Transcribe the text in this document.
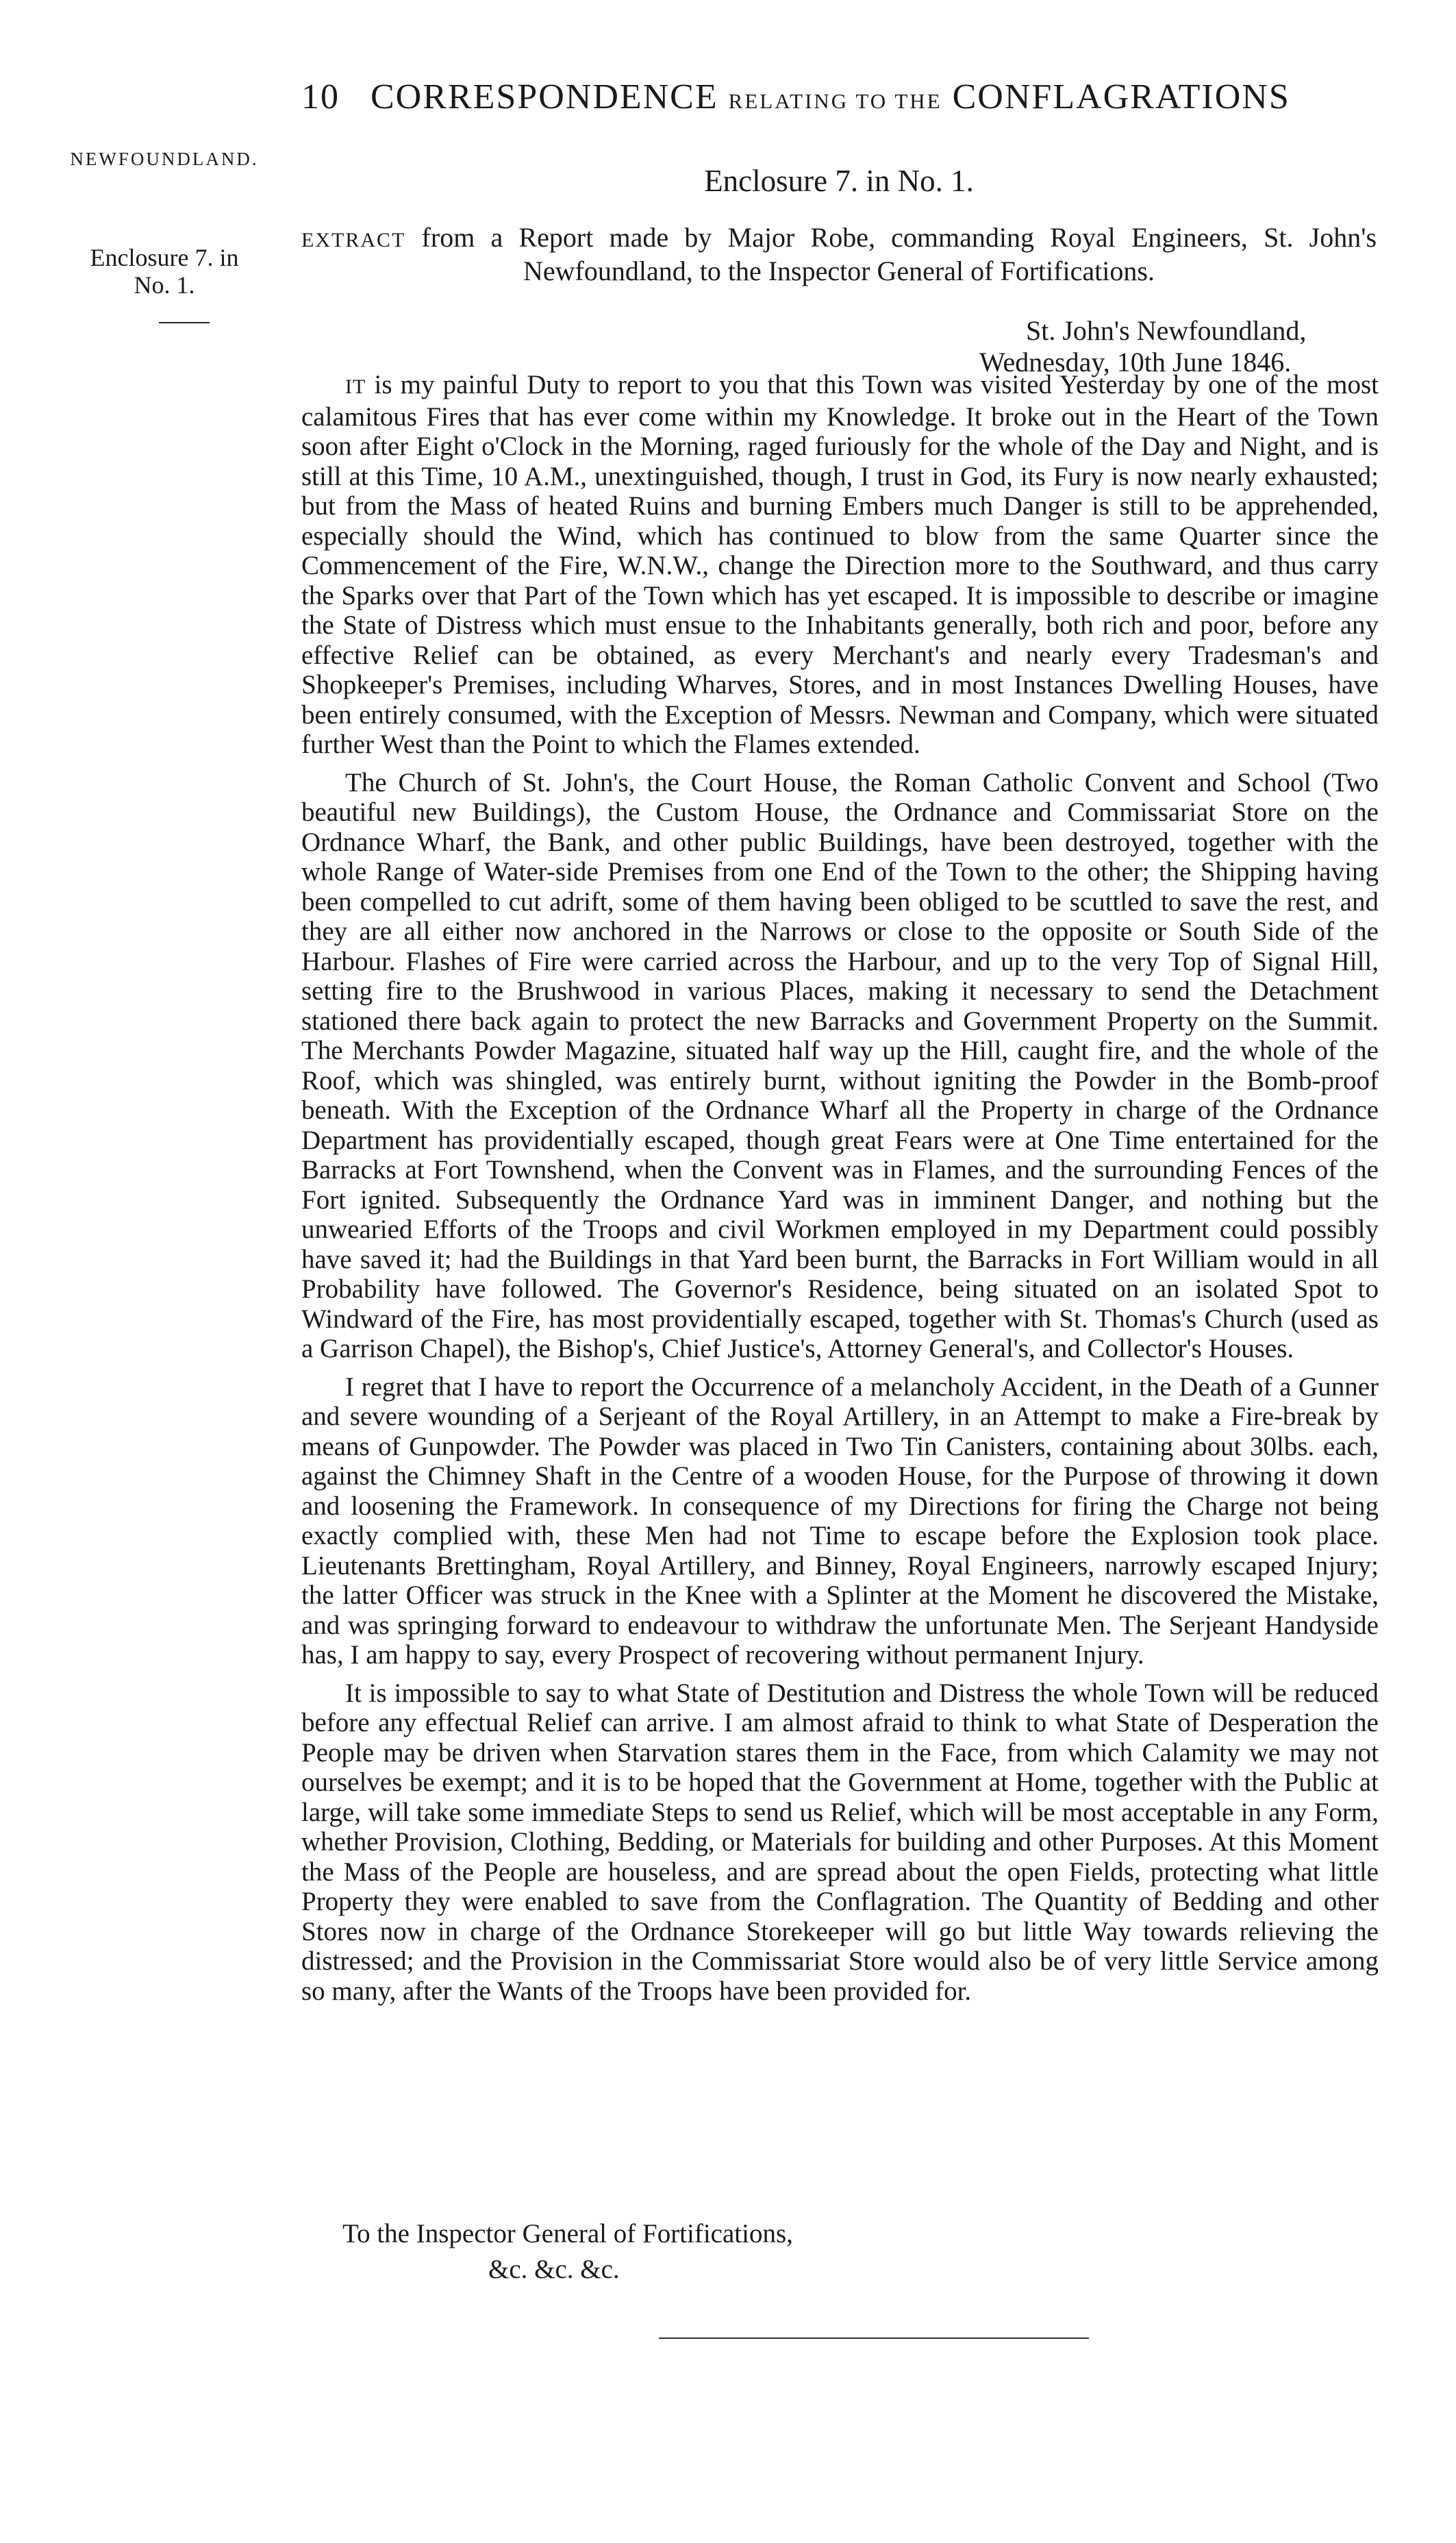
10 CORRESPONDENCE RELATING TO THE CONFLAGRATIONS
NEWFOUNDLAND.
Enclosure 7. in
No. 1.
Enclosure 7. in No. 1.
EXTRACT from a Report made by Major Robe, commanding Royal Engineers, St. John's
Newfoundland, to the Inspector General of Fortifications.
St. John's Newfoundland,
Wednesday, 10th June 1846.

IT is my painful Duty to report to you that this Town was visited Yesterday by one of the most calamitous Fires that has ever come within my Knowledge. It broke out in the Heart of the Town soon after Eight o'Clock in the Morning, raged furiously for the whole of the Day and Night, and is still at this Time, 10 A.M., unextinguished, though, I trust in God, its Fury is now nearly exhausted; but from the Mass of heated Ruins and burning Embers much Danger is still to be apprehended, especially should the Wind, which has continued to blow from the same Quarter since the Commencement of the Fire, W.N.W., change the Direction more to the Southward, and thus carry the Sparks over that Part of the Town which has yet escaped. It is impossible to describe or imagine the State of Distress which must ensue to the Inhabitants generally, both rich and poor, before any effective Relief can be obtained, as every Merchant's and nearly every Tradesman's and Shopkeeper's Premises, including Wharves, Stores, and in most Instances Dwelling Houses, have been entirely consumed, with the Exception of Messrs. Newman and Company, which were situated further West than the Point to which the Flames extended.

The Church of St. John's, the Court House, the Roman Catholic Convent and School (Two beautiful new Buildings), the Custom House, the Ordnance and Commissariat Store on the Ordnance Wharf, the Bank, and other public Buildings, have been destroyed, together with the whole Range of Water-side Premises from one End of the Town to the other; the Shipping having been compelled to cut adrift, some of them having been obliged to be scuttled to save the rest, and they are all either now anchored in the Narrows or close to the opposite or South Side of the Harbour. Flashes of Fire were carried across the Harbour, and up to the very Top of Signal Hill, setting fire to the Brushwood in various Places, making it necessary to send the Detachment stationed there back again to protect the new Barracks and Government Property on the Summit. The Merchants Powder Magazine, situated half way up the Hill, caught fire, and the whole of the Roof, which was shingled, was entirely burnt, without igniting the Powder in the Bomb-proof beneath. With the Exception of the Ordnance Wharf all the Property in charge of the Ordnance Department has providentially escaped, though great Fears were at One Time entertained for the Barracks at Fort Townshend, when the Convent was in Flames, and the surrounding Fences of the Fort ignited. Subsequently the Ordnance Yard was in imminent Danger, and nothing but the unwearied Efforts of the Troops and civil Workmen employed in my Department could possibly have saved it; had the Buildings in that Yard been burnt, the Barracks in Fort William would in all Probability have followed. The Governor's Residence, being situated on an isolated Spot to Windward of the Fire, has most providentially escaped, together with St. Thomas's Church (used as a Garrison Chapel), the Bishop's, Chief Justice's, Attorney General's, and Collector's Houses.

I regret that I have to report the Occurrence of a melancholy Accident, in the Death of a Gunner and severe wounding of a Serjeant of the Royal Artillery, in an Attempt to make a Fire-break by means of Gunpowder. The Powder was placed in Two Tin Canisters, containing about 30lbs. each, against the Chimney Shaft in the Centre of a wooden House, for the Purpose of throwing it down and loosening the Framework. In consequence of my Directions for firing the Charge not being exactly complied with, these Men had not Time to escape before the Explosion took place. Lieutenants Brettingham, Royal Artillery, and Binney, Royal Engineers, narrowly escaped Injury; the latter Officer was struck in the Knee with a Splinter at the Moment he discovered the Mistake, and was springing forward to endeavour to withdraw the unfortunate Men. The Serjeant Handyside has, I am happy to say, every Prospect of recovering without permanent Injury.

It is impossible to say to what State of Destitution and Distress the whole Town will be reduced before any effectual Relief can arrive. I am almost afraid to think to what State of Desperation the People may be driven when Starvation stares them in the Face, from which Calamity we may not ourselves be exempt; and it is to be hoped that the Government at Home, together with the Public at large, will take some immediate Steps to send us Relief, which will be most acceptable in any Form, whether Provision, Clothing, Bedding, or Materials for building and other Purposes. At this Moment the Mass of the People are houseless, and are spread about the open Fields, protecting what little Property they were enabled to save from the Conflagration. The Quantity of Bedding and other Stores now in charge of the Ordnance Storekeeper will go but little Way towards relieving the distressed; and the Provision in the Commissariat Store would also be of very little Service among so many, after the Wants of the Troops have been provided for.

To the Inspector General of Fortifications,
&c. &c. &c.
